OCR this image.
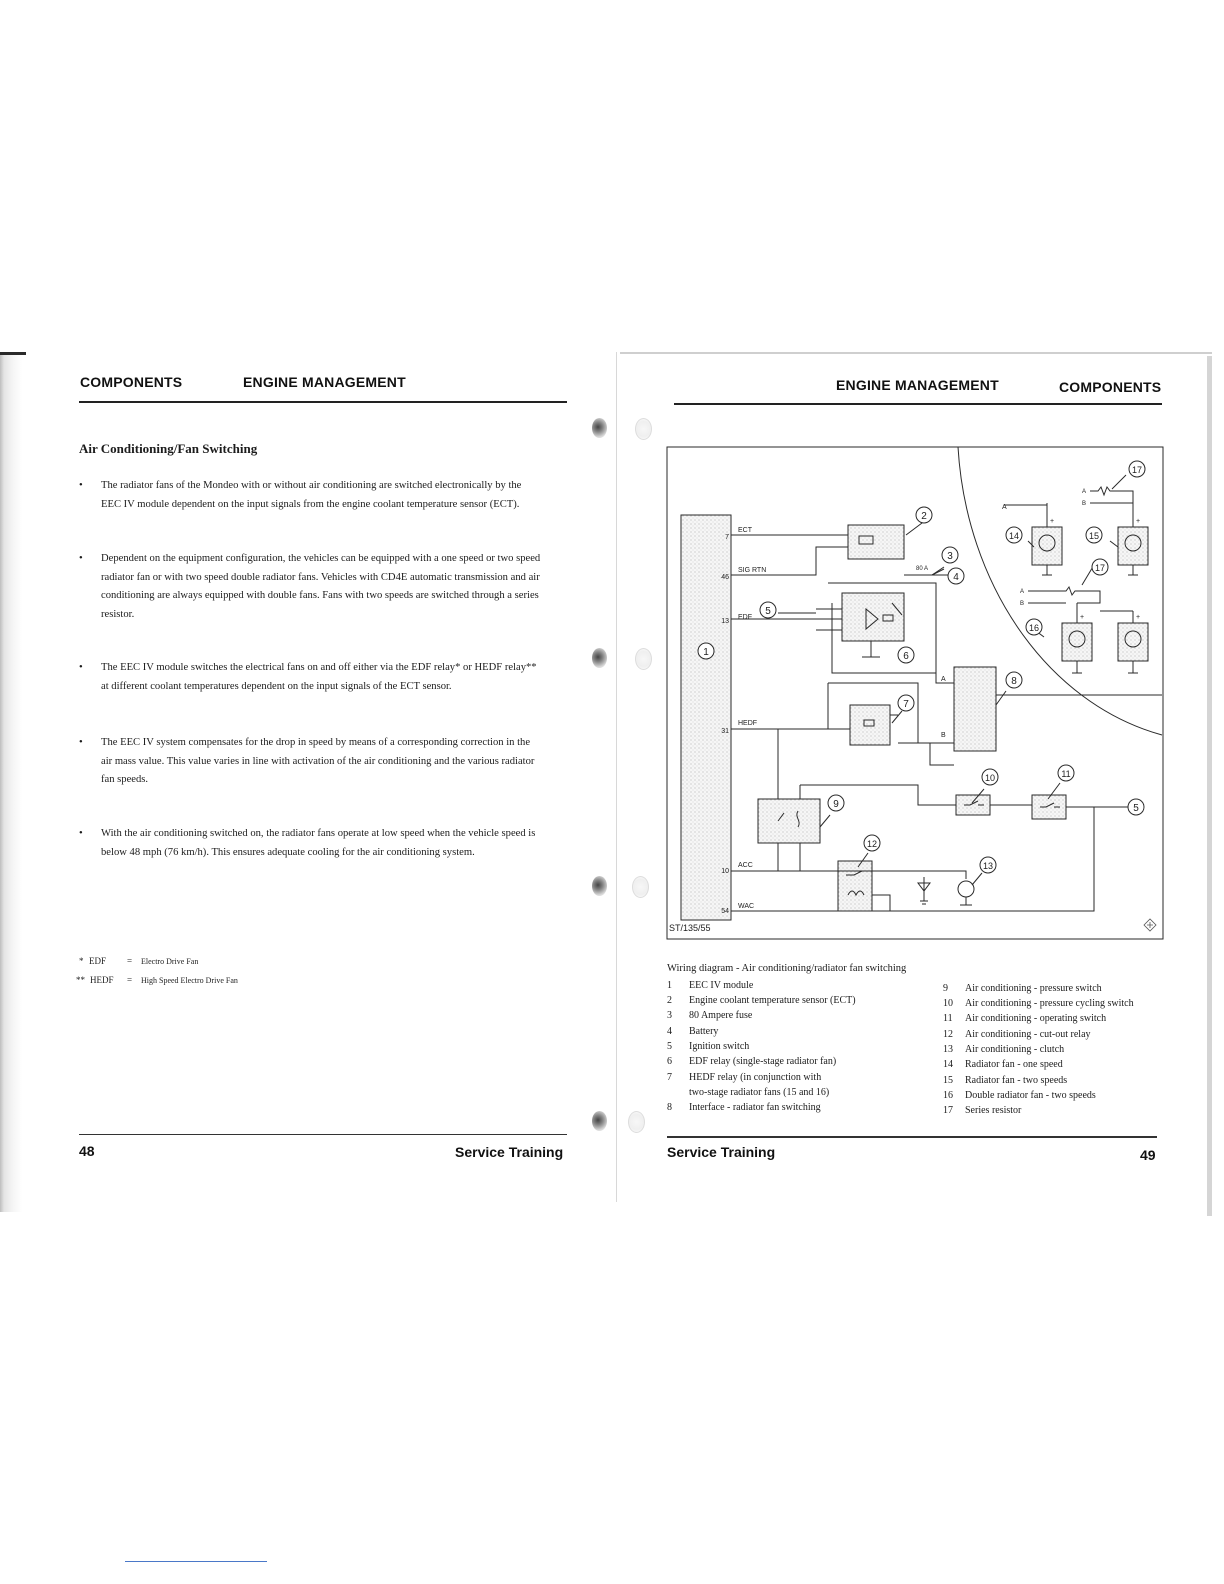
COMPONENTS	ENGINE MANAGEMENT
Air Conditioning/Fan Switching
• The radiator fans of the Mondeo with or without air conditioning are switched electronically by the
EEC IV module dependent on the input signals from the engine coolant temperature sensor (ECT).
• Dependent on the equipment configuration, the vehicles can be equipped with a one speed or two speed
radiator fan or with two speed double radiator fans. Vehicles with CD4E automatic transmission and air
conditioning are always equipped with double fans. Fans with two speeds are switched through a series
resistor.
• The EEC IV module switches the electrical fans on and off either via the EDF relay* or HEDF relay**
at different coolant temperatures dependent on the input signals of the ECT sensor.
• The EEC IV system compensates for the drop in speed by means of a corresponding correction in the
air mass value. This value varies in line with activation of the air conditioning and the various radiator
fan speeds.
• With the air conditioning switched on, the radiator fans operate at low speed when the vehicle speed is
below 48 mph (76 km/h). This ensures adequate cooling for the air conditioning system.
* EDF = Electro Drive Fan
** HEDF = High Speed Electro Drive Fan
48	Service Training
ENGINE MANAGEMENT	COMPONENTS
1
2
3
4
5
6
7
8
9
10	11
12
13
14	15
16
17
17
5
7
46
13
31
10
54
ECT
SIG RTN
EDF
HEDF
ACC
WAC
80 A
A
B
A
A
B
A
B
+	+
+	+
ST/135/55
Wiring diagram - Air conditioning/radiator fan switching
1	EEC IV module
2	Engine coolant temperature sensor (ECT)
3	80 Ampere fuse
4	Battery
5	Ignition switch
6	EDF relay (single-stage radiator fan)
7	HEDF relay (in conjunction with
two-stage radiator fans (15 and 16)
8	Interface - radiator fan switching
9	Air conditioning - pressure switch
10	Air conditioning - pressure cycling switch
11	Air conditioning - operating switch
12	Air conditioning - cut-out relay
13	Air conditioning - clutch
14	Radiator fan - one speed
15	Radiator fan - two speeds
16	Double radiator fan - two speeds
17	Series resistor
Service Training	49
